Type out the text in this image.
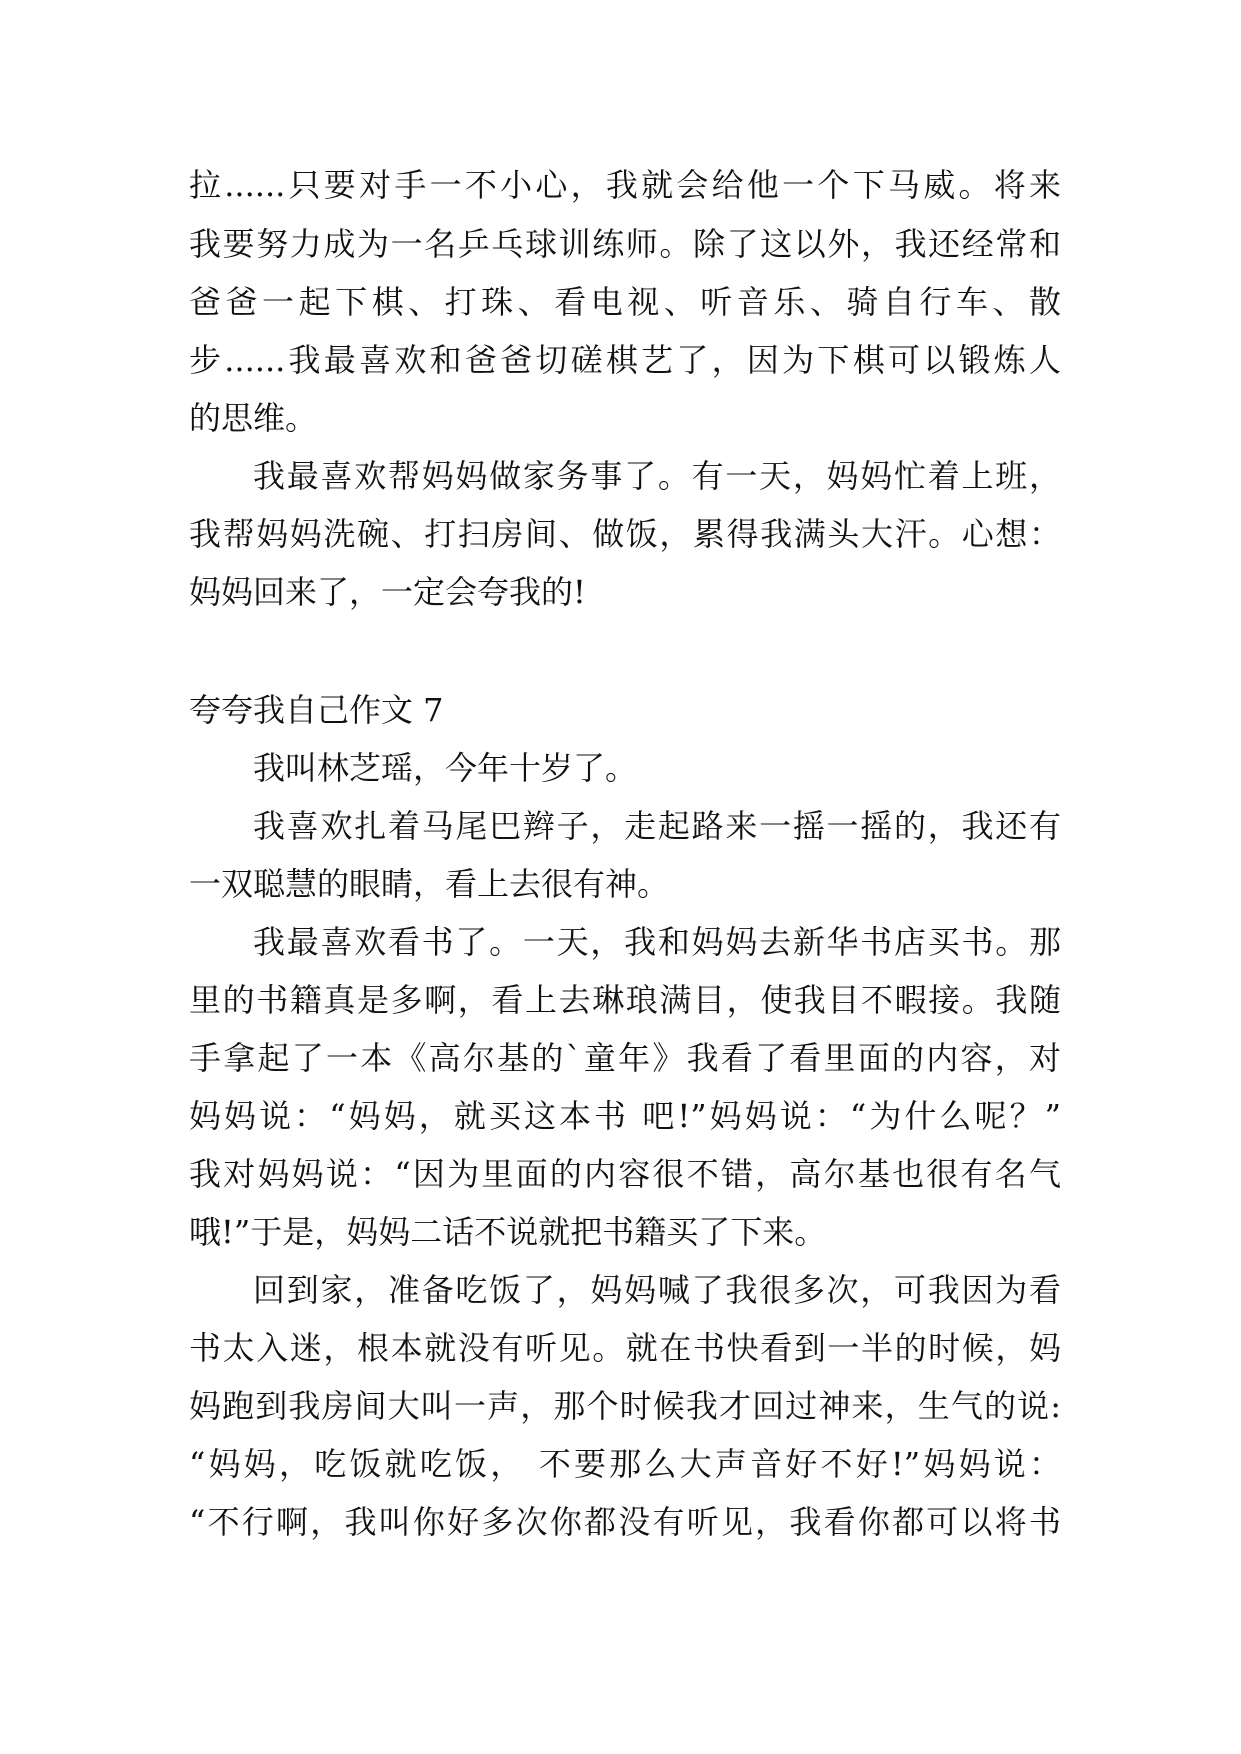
拉......只要对手一不小心，我就会给他一个下马威。将来
我要努力成为一名乒乓球训练师。除了这以外，我还经常和
爸爸一起下棋、打珠、看电视、听音乐、骑自行车、散
步......我最喜欢和爸爸切磋棋艺了，因为下棋可以锻炼人
的思维。
我最喜欢帮妈妈做家务事了。有一天，妈妈忙着上班，
我帮妈妈洗碗、打扫房间、做饭，累得我满头大汗。心想：
妈妈回来了，一定会夸我的!
夸夸我自己作文 7
我叫林芝瑶，今年十岁了。
我喜欢扎着马尾巴辫子，走起路来一摇一摇的，我还有
一双聪慧的眼睛，看上去很有神。
我最喜欢看书了。一天，我和妈妈去新华书店买书。那
里的书籍真是多啊，看上去琳琅满目，使我目不暇接。我随
手拿起了一本《高尔基的`童年》我看了看里面的内容，对
妈妈说：“妈妈，就买这本书 吧!”妈妈说：“为什么呢？”
我对妈妈说：“因为里面的内容很不错，高尔基也很有名气
哦!”于是，妈妈二话不说就把书籍买了下来。
回到家，准备吃饭了，妈妈喊了我很多次，可我因为看
书太入迷，根本就没有听见。就在书快看到一半的时候，妈
妈跑到我房间大叫一声，那个时候我才回过神来，生气的说:
“妈妈，吃饭就吃饭， 不要那么大声音好不好!”妈妈说：
“不行啊，我叫你好多次你都没有听见，我看你都可以将书
